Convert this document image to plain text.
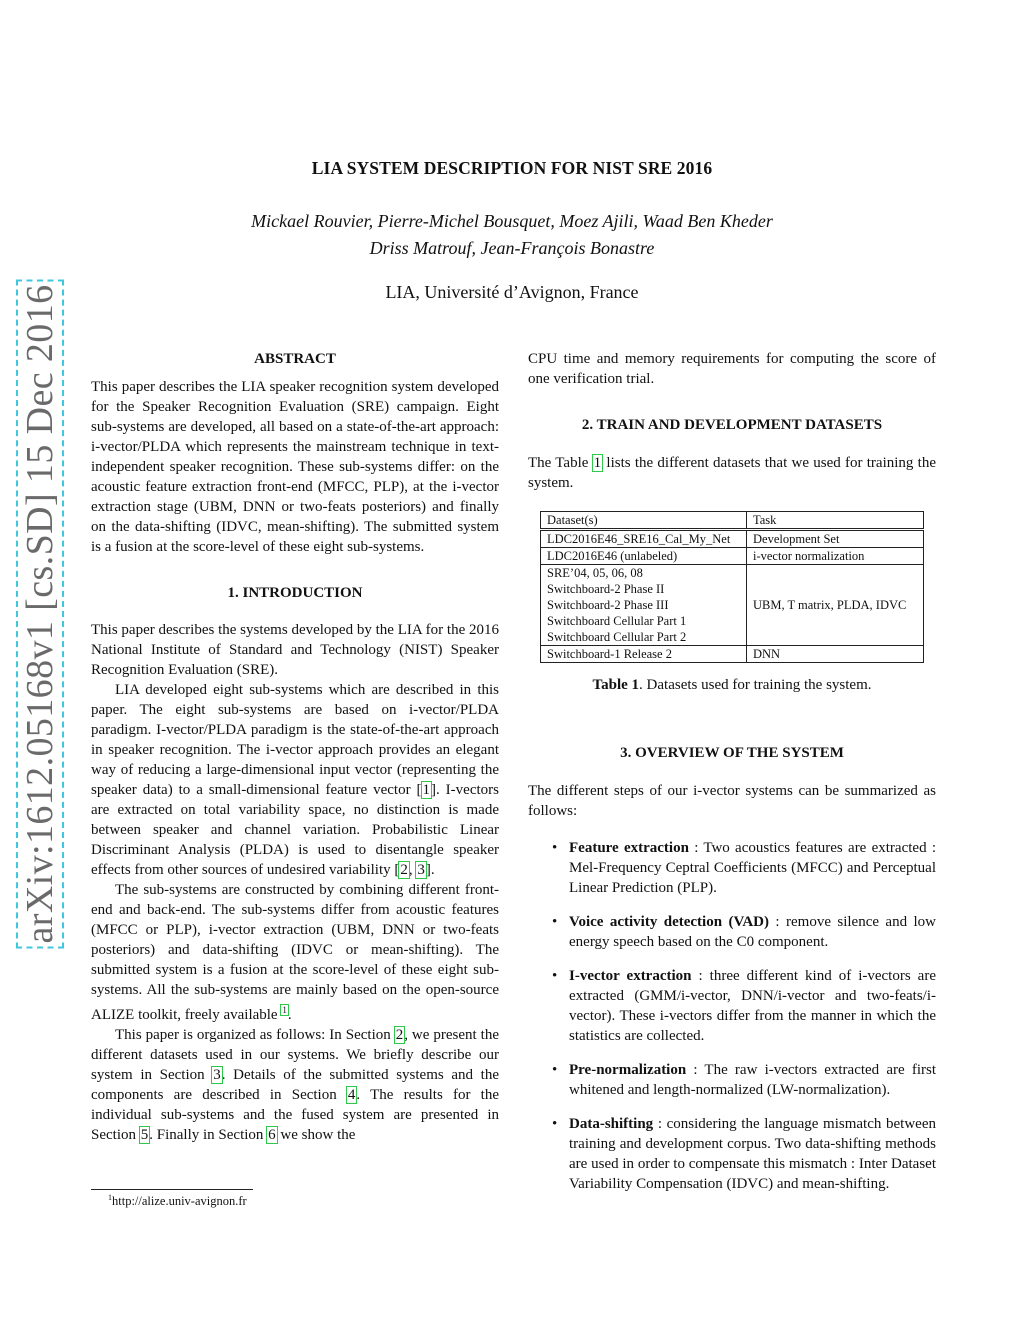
LIA SYSTEM DESCRIPTION FOR NIST SRE 2016
Mickael Rouvier, Pierre-Michel Bousquet, Moez Ajili, Waad Ben Kheder
Driss Matrouf, Jean-François Bonastre
LIA, Université d’Avignon, France
arXiv:1612.05168v1 [cs.SD] 15 Dec 2016	ABSTRACT

This paper describes the LIA speaker recognition system developed for the Speaker Recognition Evaluation (SRE) campaign. Eight sub-systems are developed, all based on a state-of-the-art approach: i-vector/PLDA which represents the mainstream technique in text-independent speaker recognition. These sub-systems differ: on the acoustic feature extraction front-end (MFCC, PLP), at the i-vector extraction stage (UBM, DNN or two-feats posteriors) and finally on the data-shifting (IDVC, mean-shifting). The submitted system is a fusion at the score-level of these eight sub-systems.

1. INTRODUCTION

This paper describes the systems developed by the LIA for the 2016 National Institute of Standard and Technology (NIST) Speaker Recognition Evaluation (SRE).

LIA developed eight sub-systems which are described in this paper. The eight sub-systems are based on i-vector/PLDA paradigm. I-vector/PLDA paradigm is the state-of-the-art approach in speaker recognition. The i-vector approach provides an elegant way of reducing a large-dimensional input vector (representing the speaker data) to a small-dimensional feature vector [1]. I-vectors are extracted on total variability space, no distinction is made between speaker and channel variation. Probabilistic Linear Discriminant Analysis (PLDA) is used to disentangle speaker effects from other sources of undesired variability [2, 3].

The sub-systems are constructed by combining different front-end and back-end. The sub-systems differ from acoustic features (MFCC or PLP), i-vector extraction (UBM, DNN or two-feats posteriors) and data-shifting (IDVC or mean-shifting). The submitted system is a fusion at the score-level of these eight sub-systems. All the sub-systems are mainly based on the open-source ALIZE toolkit, freely available $^1$.

This paper is organized as follows: In Section 2, we present the different datasets used in our systems. We briefly describe our system in Section 3. Details of the submitted systems and the components are described in Section 4. The results for the individual sub-systems and the fused system are presented in Section 5. Finally in Section 6 we show the

$^1$http://alize.univ-avignon.fr

CPU time and memory requirements for computing the score of one verification trial.

2. TRAIN AND DEVELOPMENT DATASETS

The Table 1 lists the different datasets that we used for training the system.

Dataset(s)	Task
LDC2016E46_SRE16_Cal_My_Net	Development Set
LDC2016E46 (unlabeled)	i-vector normalization

SRE’04, 05, 06, 08
Switchboard-2 Phase II
Switchboard-2 Phase III
Switchboard Cellular Part 1
Switchboard Cellular Part 2	UBM, T matrix, PLDA, IDVC
Switchboard-1 Release 2	DNN
Table 1. Datasets used for training the system.
3. OVERVIEW OF THE SYSTEM

The different steps of our i-vector systems can be summarized as follows:

• Feature extraction : Two acoustics features are extracted : Mel-Frequency Ceptral Coefficients (MFCC) and Perceptual Linear Prediction (PLP).
• Voice activity detection (VAD) : remove silence and low energy speech based on the C0 component.
• I-vector extraction : three different kind of i-vectors are extracted (GMM/i-vector, DNN/i-vector and two-feats/i-vector). These i-vectors differ from the manner in which the statistics are collected.
• Pre-normalization : The raw i-vectors extracted are first whitened and length-normalized (LW-normalization).
• Data-shifting : considering the language mismatch between training and development corpus. Two data-shifting methods are used in order to compensate this mismatch : Inter Dataset Variability Compensation (IDVC) and mean-shifting.
